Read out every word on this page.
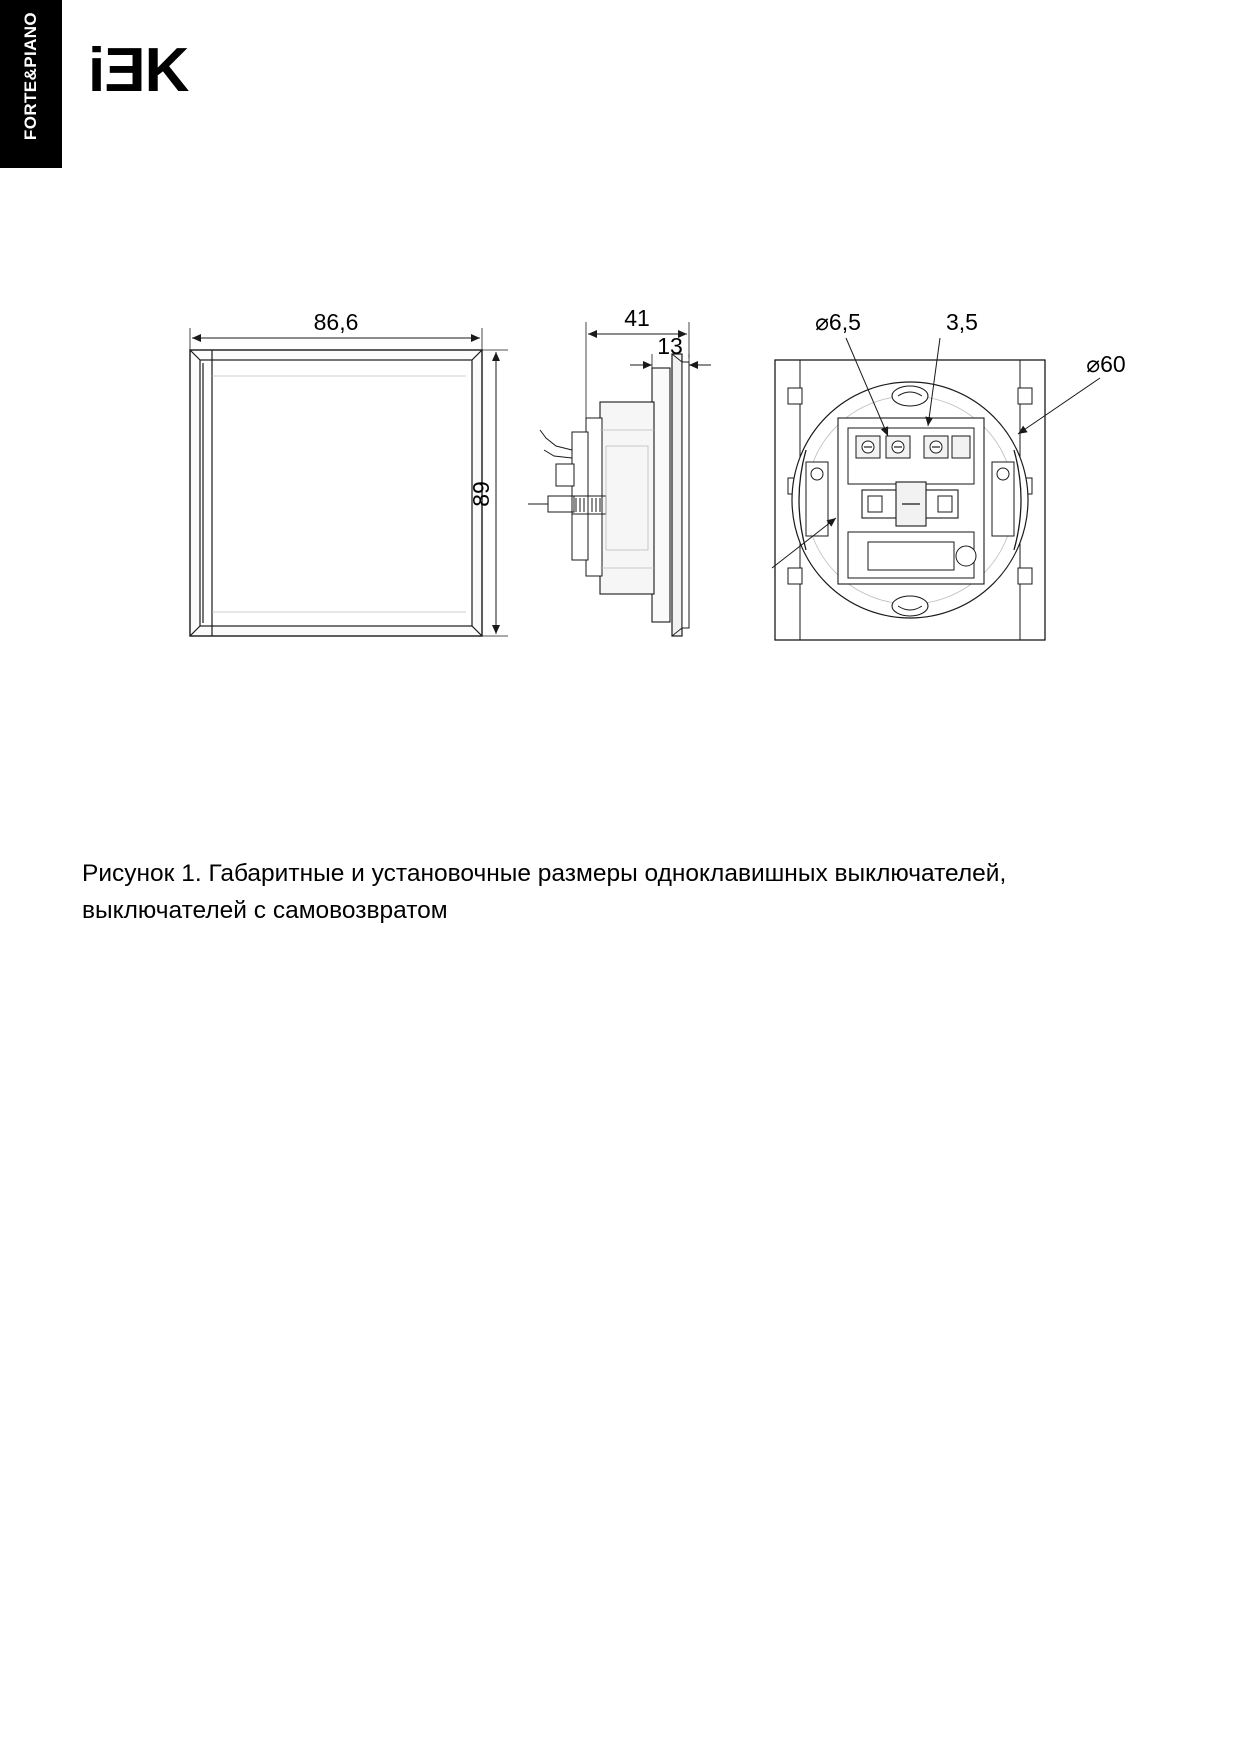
FORTE&PIANO iƎK
86,6
89
41
13
⌀6,5	3,5
⌀60
Рисунок 1. Габаритные и установочные размеры одноклавишных выключателей, выключателей с самовозвратом
